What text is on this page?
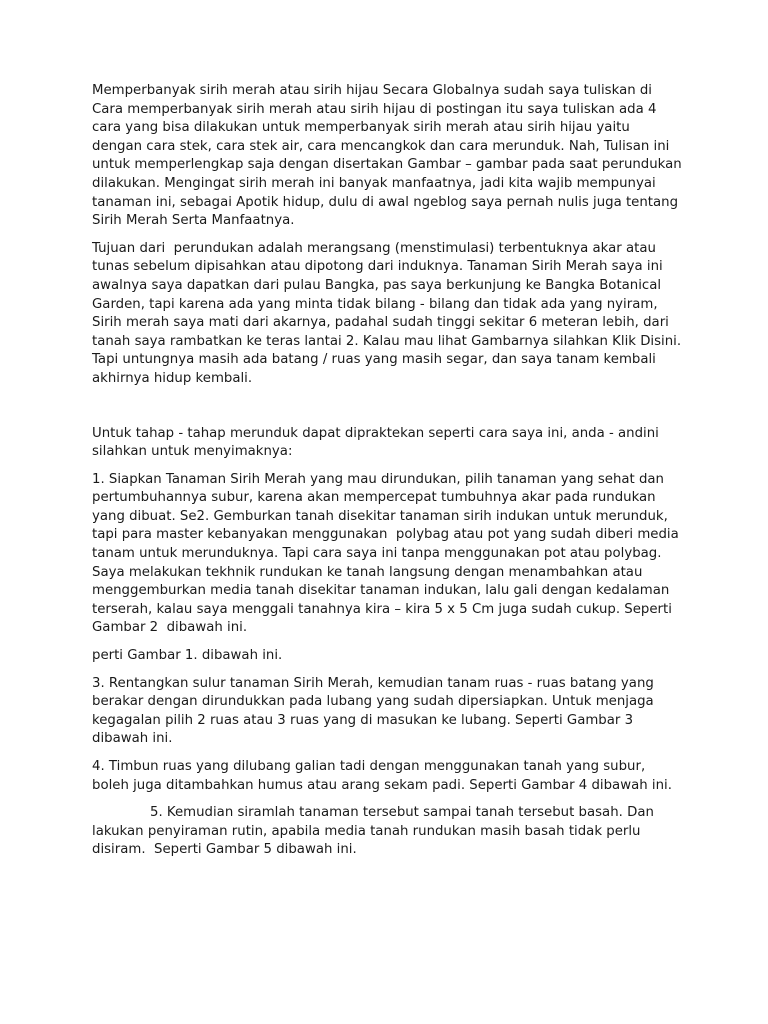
Memperbanyak sirih merah atau sirih hijau Secara Globalnya sudah saya tuliskan di Cara memperbanyak sirih merah atau sirih hijau di postingan itu saya tuliskan ada 4 cara yang bisa dilakukan untuk memperbanyak sirih merah atau sirih hijau yaitu dengan cara stek, cara stek air, cara mencangkok dan cara merunduk. Nah, Tulisan ini untuk memperlengkap saja dengan disertakan Gambar – gambar pada saat perundukan dilakukan. Mengingat sirih merah ini banyak manfaatnya, jadi kita wajib mempunyai tanaman ini, sebagai Apotik hidup, dulu di awal ngeblog saya pernah nulis juga tentang Sirih Merah Serta Manfaatnya.

Tujuan dari  perundukan adalah merangsang (menstimulasi) terbentuknya akar atau tunas sebelum dipisahkan atau dipotong dari induknya. Tanaman Sirih Merah saya ini awalnya saya dapatkan dari pulau Bangka, pas saya berkunjung ke Bangka Botanical Garden, tapi karena ada yang minta tidak bilang - bilang dan tidak ada yang nyiram, Sirih merah saya mati dari akarnya, padahal sudah tinggi sekitar 6 meteran lebih, dari tanah saya rambatkan ke teras lantai 2. Kalau mau lihat Gambarnya silahkan Klik Disini. Tapi untungnya masih ada batang / ruas yang masih segar, dan saya tanam kembali akhirnya hidup kembali.

Untuk tahap - tahap merunduk dapat dipraktekan seperti cara saya ini, anda - andini silahkan untuk menyimaknya:

1. Siapkan Tanaman Sirih Merah yang mau dirundukan, pilih tanaman yang sehat dan pertumbuhannya subur, karena akan mempercepat tumbuhnya akar pada rundukan yang dibuat. Se2. Gemburkan tanah disekitar tanaman sirih indukan untuk merunduk, tapi para master kebanyakan menggunakan  polybag atau pot yang sudah diberi media tanam untuk merunduknya. Tapi cara saya ini tanpa menggunakan pot atau polybag. Saya melakukan tekhnik rundukan ke tanah langsung dengan menambahkan atau menggemburkan media tanah disekitar tanaman indukan, lalu gali dengan kedalaman terserah, kalau saya menggali tanahnya kira – kira 5 x 5 Cm juga sudah cukup. Seperti Gambar 2  dibawah ini.

perti Gambar 1. dibawah ini.

3. Rentangkan sulur tanaman Sirih Merah, kemudian tanam ruas - ruas batang yang berakar dengan dirundukkan pada lubang yang sudah dipersiapkan. Untuk menjaga kegagalan pilih 2 ruas atau 3 ruas yang di masukan ke lubang. Seperti Gambar 3 dibawah ini.

4. Timbun ruas yang dilubang galian tadi dengan menggunakan tanah yang subur, boleh juga ditambahkan humus atau arang sekam padi. Seperti Gambar 4 dibawah ini.

5. Kemudian siramlah tanaman tersebut sampai tanah tersebut basah. Dan lakukan penyiraman rutin, apabila media tanah rundukan masih basah tidak perlu disiram.  Seperti Gambar 5 dibawah ini.
